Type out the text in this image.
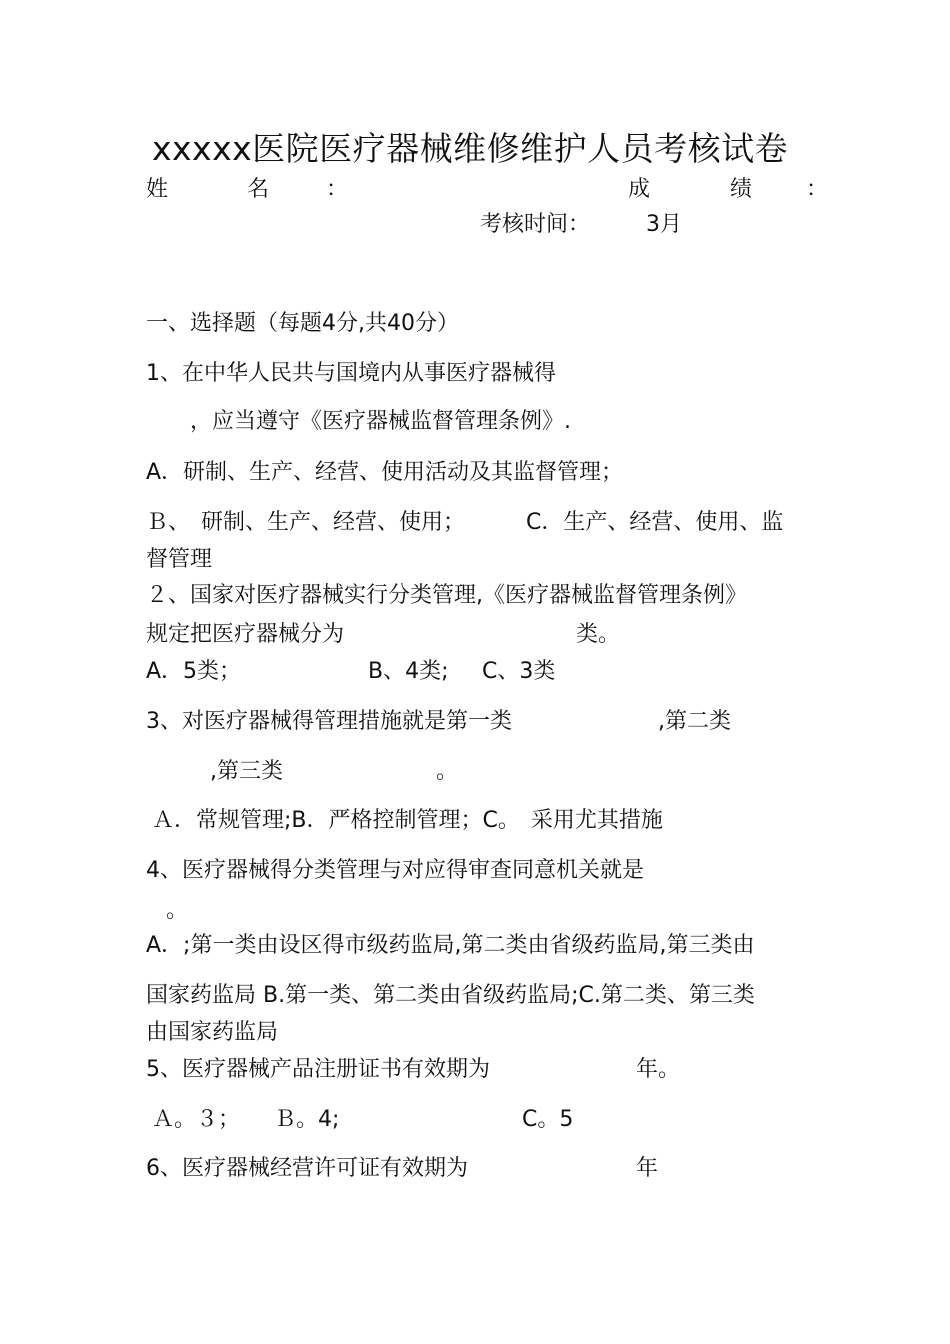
xxxxx医院医疗器械维修维护人员考核试卷
姓	名	：	成	绩 ：
考核时间：	3月
一、选择题（每题4分,共40分）
1、在中华人民共与国境内从事医疗器械得
，应当遵守《医疗器械监督管理条例》.
A．研制、生产、经营、使用活动及其监督管理；
Ｂ、　研制、生产、经营、使用；	C．生产、经营、使用、监
督管理
２、国家对医疗器械实行分类管理,《医疗器械监督管理条例》
规定把医疗器械分为	类。
A．5类；	B、4类; C、3类
3、对医疗器械得管理措施就是第一类	,第二类
,第三类	。
Ａ．常规管理;B．严格控制管理；C。　采用尤其措施
4、医疗器械得分类管理与对应得审查同意机关就是
。
A．;第一类由设区得市级药监局,第二类由省级药监局,第三类由
国家药监局 B.第一类、第二类由省级药监局;C.第二类、第三类
由国家药监局
5、医疗器械产品注册证书有效期为	年。
Ａ。３； Ｂ。4;	C。5
6、医疗器械经营许可证有效期为	年
